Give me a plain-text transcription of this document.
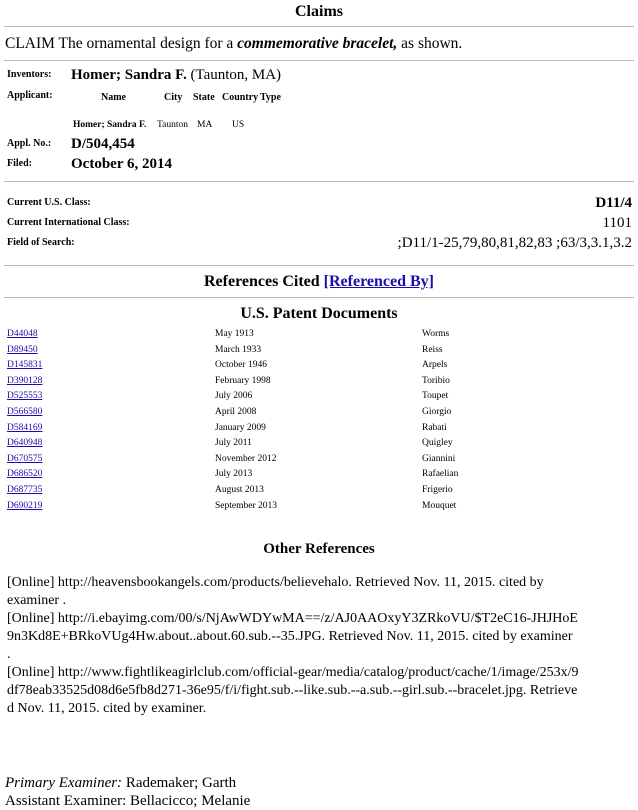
Claims
CLAIM The ornamental design for a commemorative bracelet, as shown.
Inventors: Homer; Sandra F. (Taunton, MA)
Applicant:	Name	City State Country Type
Homer; Sandra F. Taunton MA US
Appl. No.: D/504,454
Filed:	October 6, 2014
Current U.S. Class:	D11/4
Current International Class:	1101
Field of Search:	;D11/1-25,79,80,81,82,83 ;63/3,3.1,3.2
References Cited [Referenced By]
U.S. Patent Documents
D44048	May 1913	Worms
D89450	March 1933	Reiss
D145831	October 1946	Arpels
D390128	February 1998	Toribio
D525553	July 2006	Toupet
D566580	April 2008	Giorgio
D584169	January 2009	Rabati
D640948	July 2011	Quigley
D670575	November 2012	Giannini
D686520	July 2013	Rafaelian
D687735	August 2013	Frigerio
D690219	September 2013	Mouquet
Other References

[Online] http://heavensbookangels.com/products/believehalo. Retrieved Nov. 11, 2015. cited by examiner .

[Online] http://i.ebayimg.com/00/s/NjAwWDYwMA==/z/AJ0AAOxyY3ZRkoVU/$T2eC16-JHJHoE9n3Kd8E+BRkoVUg4Hw.about..about.60.sub.--35.JPG. Retrieved Nov. 11, 2015. cited by examiner .

[Online] http://www.fightlikeagirlclub.com/official-gear/media/catalog/product/cache/1/image/253x/9df78eab33525d08d6e5fb8d271-36e95/f/i/fight.sub.--like.sub.--a.sub.--girl.sub.--bracelet.jpg. Retrieved Nov. 11, 2015. cited by examiner.

Primary Examiner: Rademaker; Garth
Assistant Examiner: Bellacicco; Melanie
